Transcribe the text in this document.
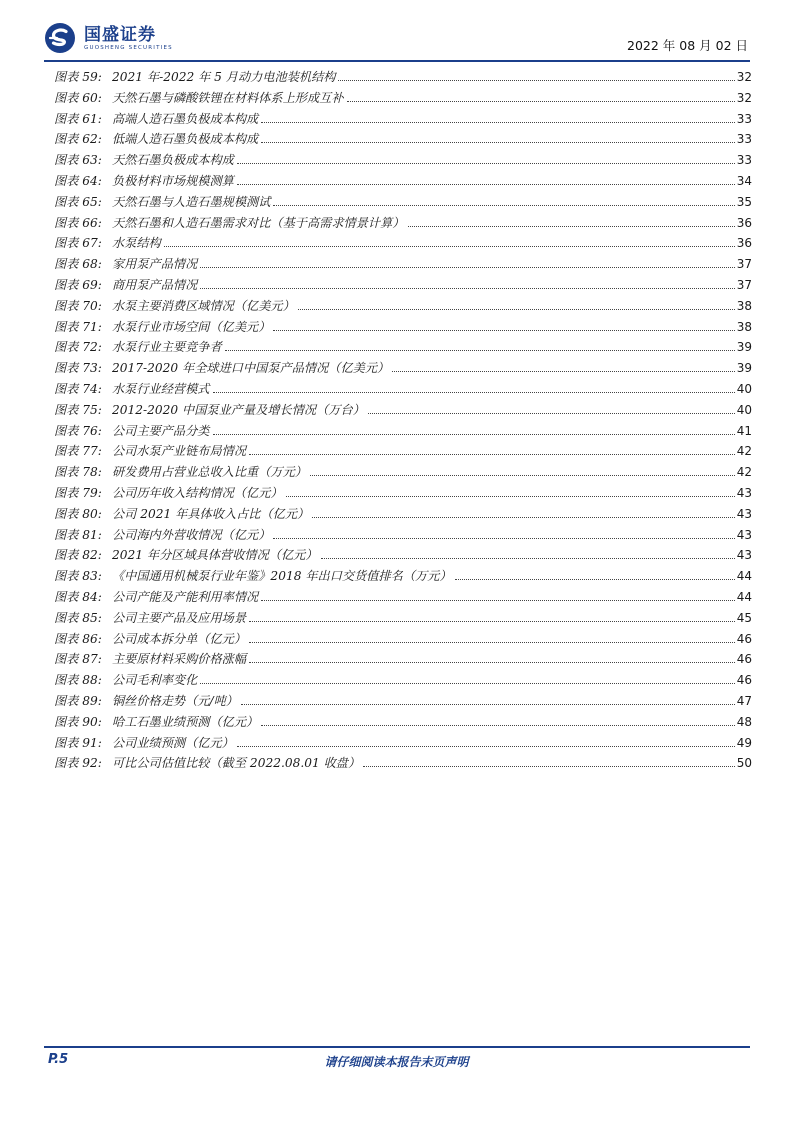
国盛证券
GUOSHENG SECURITIES	2022 年 08 月 02 日
图表 59: 2021 年-2022 年 5 月动力电池装机结构	32
图表 60: 天然石墨与磷酸铁锂在材料体系上形成互补	32
图表 61: 高端人造石墨负极成本构成	33
图表 62: 低端人造石墨负极成本构成	33
图表 63: 天然石墨负极成本构成	33
图表 64: 负极材料市场规模测算	34
图表 65: 天然石墨与人造石墨规模测试	35
图表 66: 天然石墨和人造石墨需求对比（基于高需求情景计算）	36
图表 67: 水泵结构	36
图表 68: 家用泵产品情况	37
图表 69: 商用泵产品情况	37
图表 70: 水泵主要消费区域情况（亿美元）	38
图表 71: 水泵行业市场空间（亿美元）	38
图表 72: 水泵行业主要竞争者	39
图表 73: 2017-2020 年全球进口中国泵产品情况（亿美元）	39
图表 74: 水泵行业经营模式	40
图表 75: 2012-2020 中国泵业产量及增长情况（万台）	40
图表 76: 公司主要产品分类	41
图表 77: 公司水泵产业链布局情况	42
图表 78: 研发费用占营业总收入比重（万元）	42
图表 79: 公司历年收入结构情况（亿元）	43
图表 80: 公司 2021 年具体收入占比（亿元）	43
图表 81: 公司海内外营收情况（亿元）	43
图表 82: 2021 年分区域具体营收情况（亿元）	43
图表 83: 《中国通用机械泵行业年鉴》2018 年出口交货值排名（万元）	44
图表 84: 公司产能及产能利用率情况	44
图表 85: 公司主要产品及应用场景	45
图表 86: 公司成本拆分单（亿元）	46
图表 87: 主要原材料采购价格涨幅	46
图表 88: 公司毛利率变化	46
图表 89: 铜丝价格走势（元/吨）	47
图表 90: 哈工石墨业绩预测（亿元）	48
图表 91: 公司业绩预测（亿元）	49
图表 92: 可比公司估值比较（截至 2022.08.01 收盘）	50
P.5	请仔细阅读本报告末页声明
